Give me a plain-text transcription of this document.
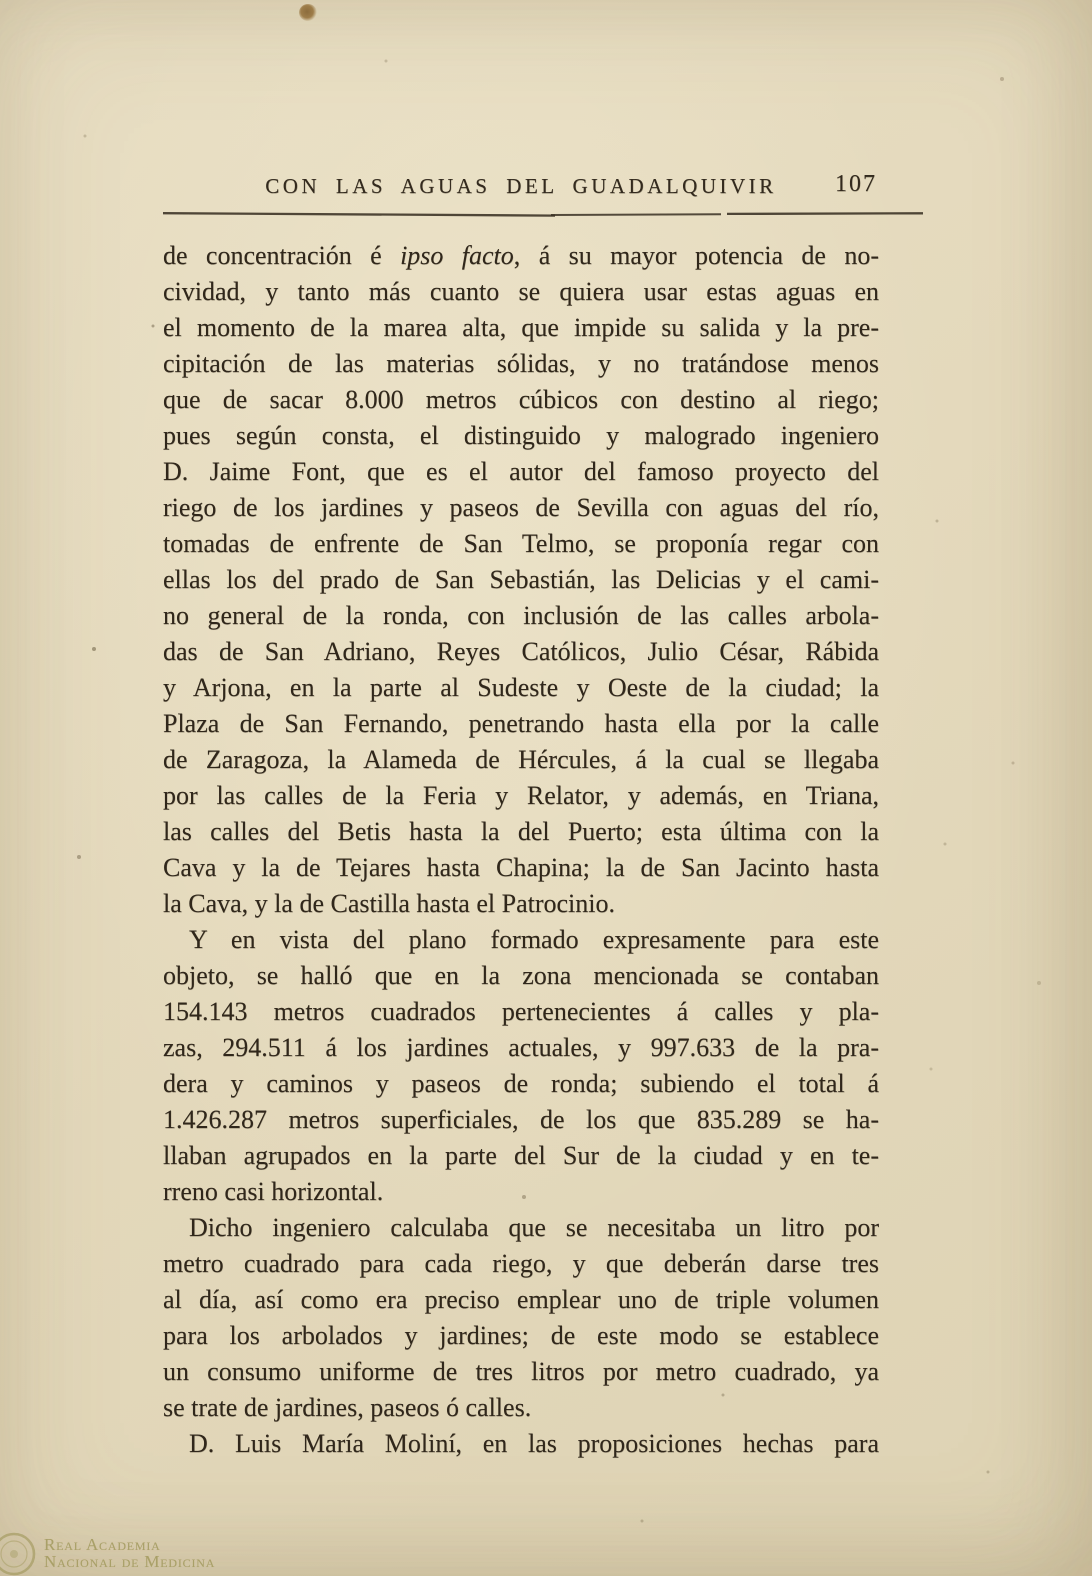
CON LAS AGUAS DEL GUADALQUIVIR 107
de concentración é ipso facto, á su mayor potencia de no-
cividad, y tanto más cuanto se quiera usar estas aguas en
el momento de la marea alta, que impide su salida y la pre-
cipitación de las materias sólidas, y no tratándose menos
que de sacar 8.000 metros cúbicos con destino al riego;
pues según consta, el distinguido y malogrado ingeniero
D. Jaime Font, que es el autor del famoso proyecto del
riego de los jardines y paseos de Sevilla con aguas del río,
tomadas de enfrente de San Telmo, se proponía regar con
ellas los del prado de San Sebastián, las Delicias y el cami-
no general de la ronda, con inclusión de las calles arbola-
das de San Adriano, Reyes Católicos, Julio César, Rábida
y Arjona, en la parte al Sudeste y Oeste de la ciudad; la
Plaza de San Fernando, penetrando hasta ella por la calle
de Zaragoza, la Alameda de Hércules, á la cual se llegaba
por las calles de la Feria y Relator, y además, en Triana,
las calles del Betis hasta la del Puerto; esta última con la
Cava y la de Tejares hasta Chapina; la de San Jacinto hasta
la Cava, y la de Castilla hasta el Patrocinio.
Y en vista del plano formado expresamente para este
objeto, se halló que en la zona mencionada se contaban
154.143 metros cuadrados pertenecientes á calles y pla-
zas, 294.511 á los jardines actuales, y 997.633 de la pra-
dera y caminos y paseos de ronda; subiendo el total á
1.426.287 metros superficiales, de los que 835.289 se ha-
llaban agrupados en la parte del Sur de la ciudad y en te-
rreno casi horizontal.
Dicho ingeniero calculaba que se necesitaba un litro por
metro cuadrado para cada riego, y que deberán darse tres
al día, así como era preciso emplear uno de triple volumen
para los arbolados y jardines; de este modo se establece
un consumo uniforme de tres litros por metro cuadrado, ya
se trate de jardines, paseos ó calles.
D. Luis María Moliní, en las proposiciones hechas para
Real Academia
Nacional de Medicina
